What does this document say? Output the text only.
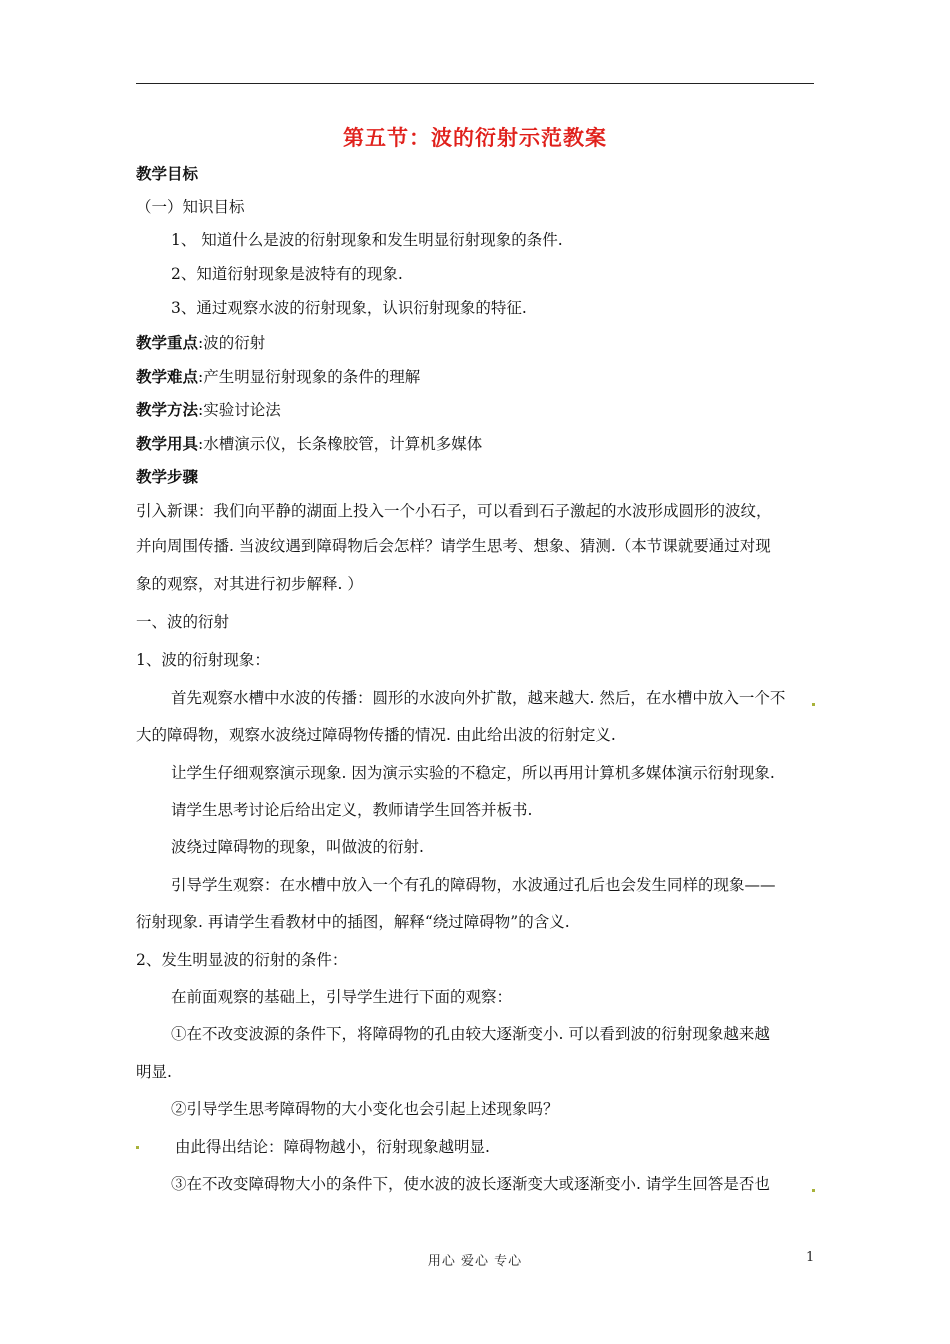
第五节：波的衍射示范教案
教学目标
（一）知识目标
1、 知道什么是波的衍射现象和发生明显衍射现象的条件.
2、知道衍射现象是波特有的现象.
3、通过观察水波的衍射现象，认识衍射现象的特征.
教学重点:波的衍射
教学难点:产生明显衍射现象的条件的理解
教学方法:实验讨论法
教学用具:水槽演示仪，长条橡胶管，计算机多媒体
教学步骤
引入新课：我们向平静的湖面上投入一个小石子，可以看到石子激起的水波形成圆形的波纹，
并向周围传播. 当波纹遇到障碍物后会怎样？请学生思考、想象、猜测.（本节课就要通过对现
象的观察，对其进行初步解释. ）
一、波的衍射
1、波的衍射现象：
首先观察水槽中水波的传播：圆形的水波向外扩散，越来越大. 然后，在水槽中放入一个不
大的障碍物，观察水波绕过障碍物传播的情况. 由此给出波的衍射定义.
让学生仔细观察演示现象. 因为演示实验的不稳定，所以再用计算机多媒体演示衍射现象.
请学生思考讨论后给出定义，教师请学生回答并板书.
波绕过障碍物的现象，叫做波的衍射.
引导学生观察：在水槽中放入一个有孔的障碍物，水波通过孔后也会发生同样的现象——
衍射现象. 再请学生看教材中的插图，解释“绕过障碍物”的含义.
2、发生明显波的衍射的条件：
在前面观察的基础上，引导学生进行下面的观察：
①在不改变波源的条件下，将障碍物的孔由较大逐渐变小. 可以看到波的衍射现象越来越
明显.
②引导学生思考障碍物的大小变化也会引起上述现象吗？
由此得出结论：障碍物越小，衍射现象越明显.
③在不改变障碍物大小的条件下，使水波的波长逐渐变大或逐渐变小. 请学生回答是否也
用心 爱心 专心	1
